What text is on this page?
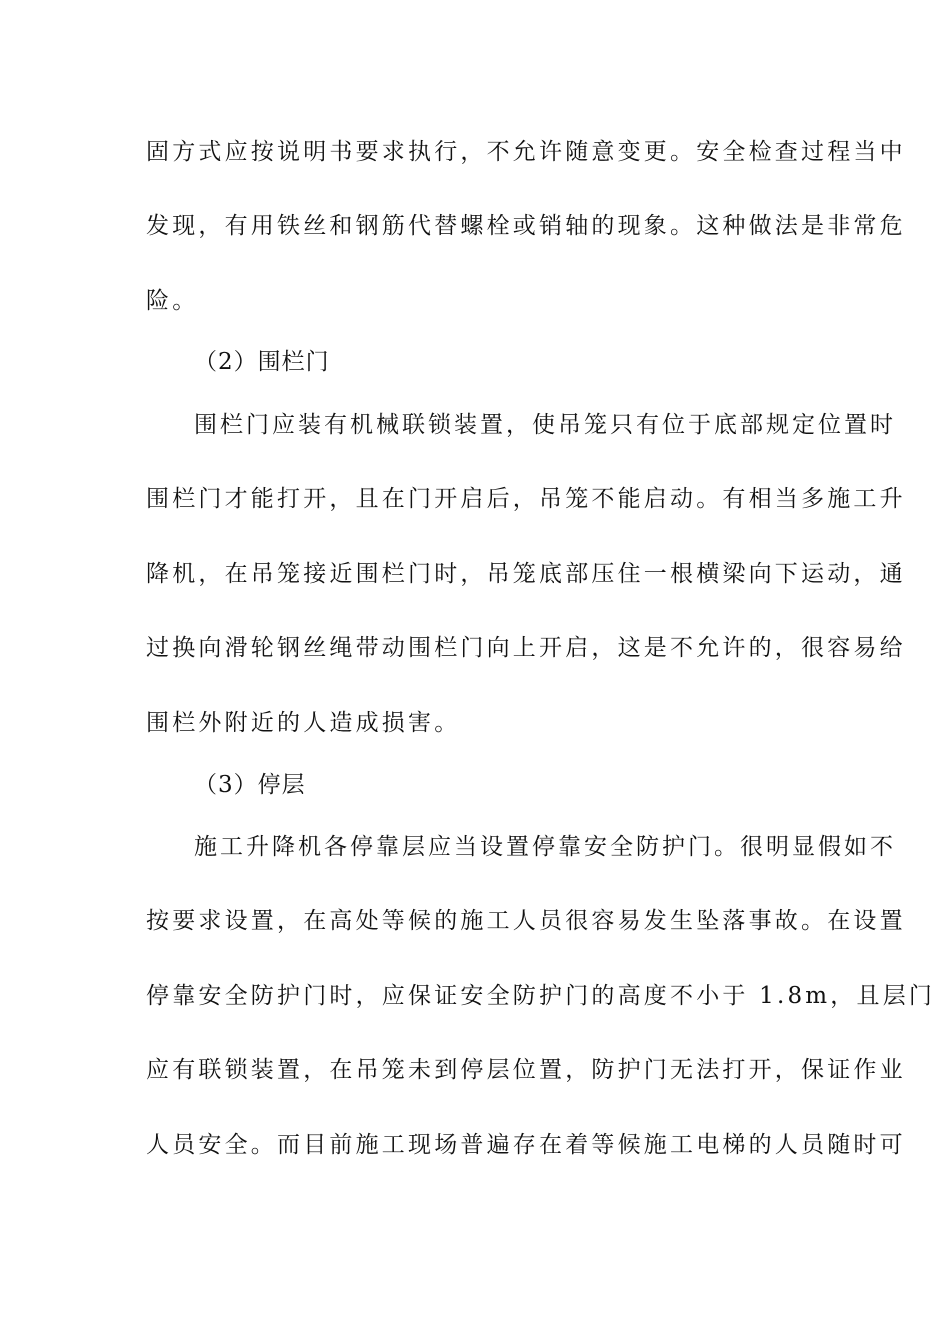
固方式应按说明书要求执行，不允许随意变更。安全检查过程当中
发现，有用铁丝和钢筋代替螺栓或销轴的现象。这种做法是非常危
险。
（2）围栏门
围栏门应装有机械联锁装置，使吊笼只有位于底部规定位置时
围栏门才能打开，且在门开启后，吊笼不能启动。有相当多施工升
降机，在吊笼接近围栏门时，吊笼底部压住一根横梁向下运动，通
过换向滑轮钢丝绳带动围栏门向上开启，这是不允许的，很容易给
围栏外附近的人造成损害。
（3）停层
施工升降机各停靠层应当设置停靠安全防护门。很明显假如不
按要求设置，在高处等候的施工人员很容易发生坠落事故。在设置
停靠安全防护门时，应保证安全防护门的高度不小于 1.8m，且层门
应有联锁装置，在吊笼未到停层位置，防护门无法打开，保证作业
人员安全。而目前施工现场普遍存在着等候施工电梯的人员随时可
